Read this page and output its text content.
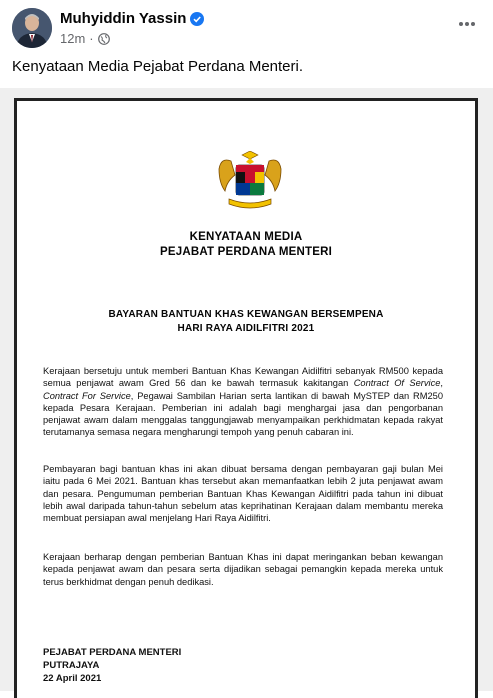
Muhyiddin Yassin
12m ·
Kenyataan Media Pejabat Perdana Menteri.
KENYATAAN MEDIA
PEJABAT PERDANA MENTERI
BAYARAN BANTUAN KHAS KEWANGAN BERSEMPENA
HARI RAYA AIDILFITRI 2021
Kerajaan bersetuju untuk memberi Bantuan Khas Kewangan Aidilfitri sebanyak RM500 kepada semua penjawat awam Gred 56 dan ke bawah termasuk kakitangan Contract Of Service, Contract For Service, Pegawai Sambilan Harian serta lantikan di bawah MySTEP dan RM250 kepada Pesara Kerajaan. Pemberian ini adalah bagi menghargai jasa dan pengorbanan penjawat awam dalam menggalas tanggungjawab menyampaikan perkhidmatan kepada rakyat terutamanya semasa negara mengharungi tempoh yang penuh cabaran ini.
Pembayaran bagi bantuan khas ini akan dibuat bersama dengan pembayaran gaji bulan Mei iaitu pada 6 Mei 2021. Bantuan khas tersebut akan memanfaatkan lebih 2 juta penjawat awam dan pesara. Pengumuman pemberian Bantuan Khas Kewangan Aidilfitri pada tahun ini dibuat lebih awal daripada tahun-tahun sebelum atas keprihatinan Kerajaan dalam membantu mereka membuat persiapan awal menjelang Hari Raya Aidilfitri.
Kerajaan berharap dengan pemberian Bantuan Khas ini dapat meringankan beban kewangan kepada penjawat awam dan pesara serta dijadikan sebagai pemangkin kepada mereka untuk terus berkhidmat dengan penuh dedikasi.
PEJABAT PERDANA MENTERI
PUTRAJAYA
22 April 2021
